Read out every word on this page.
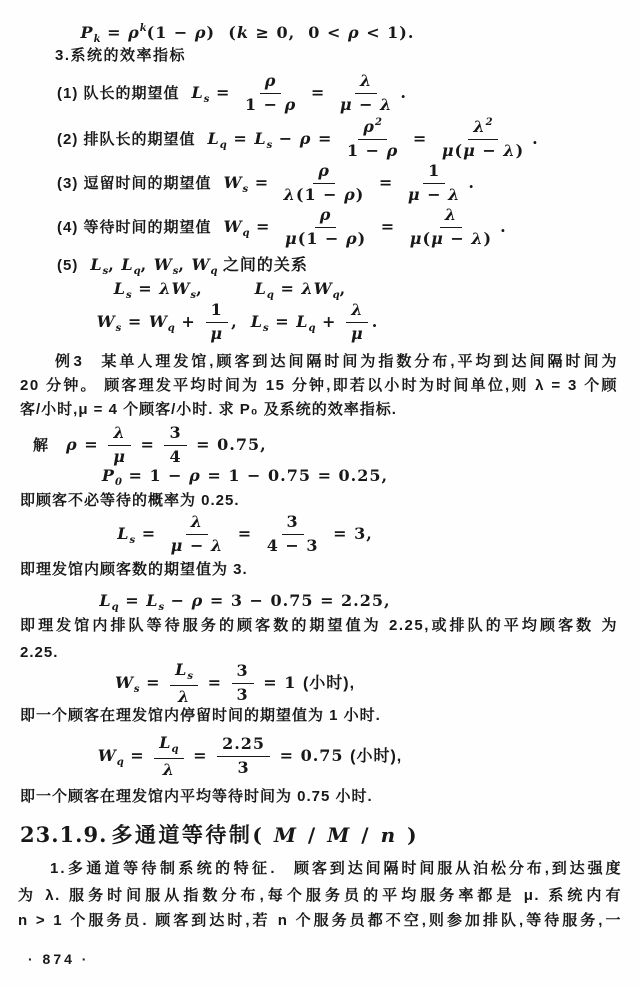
$P_k = \rho^k(1 - \rho) (k \ge 0$,  0 < ρ < 1).
3.系统的效率指标
(1) 队长的期望值 $L_s = \frac{\rho}{1 - \rho} = \frac{\lambda}{\mu - \lambda}$ .
(2) 排队长的期望值 $L_q = L_s - \rho = \frac{\rho^2}{1 - \rho} = \frac{\lambda^2}{\mu(\mu - \lambda)}$ .
(3) 逗留时间的期望值 $W_s = \frac{\rho}{\lambda(1 - \rho)} = \frac{1}{\mu - \lambda}$ .
(4) 等待时间的期望值 $W_q = \frac{\rho}{\mu(1 - \rho)} = \frac{\lambda}{\mu(\mu - \lambda)}$ .
(5) $L_s$, $L_q$, $W_s$, $W_q$ 之间的关系
$L_s = \lambda W_s$,	$L_q = \lambda W_q$,
$W_s = W_q + \frac{1}{\mu}$ ,  $L_s = L_q + \frac{\lambda}{\mu}$ .
例3 某单人理发馆,顾客到达间隔时间为指数分布,平均到达间隔时间为
20 分钟。 顾客理发平均时间为 15 分钟,即若以小时为时间单位,则 λ = 3 个顾
客/小时,μ = 4 个顾客/小时. 求 P₀ 及系统的效率指标.
解 $\rho = \frac{\lambda}{\mu} = \frac{3}{4} = 0.75$,
$P_0 = 1 - \rho = 1 - 0.75 = 0.25$,
即顾客不必等待的概率为 0.25.
$L_s = \frac{\lambda}{\mu - \lambda} = \frac{3}{4 - 3} = 3$,
即理发馆内顾客数的期望值为 3.
$L_q = L_s - \rho = 3 - 0.75 = 2.25$,
即理发馆内排队等待服务的顾客数的期望值为 2.25,或排队的平均顾客数 为
2.25.
$W_s = \frac{L_s}{\lambda} = \frac{3}{3} = 1$ (小时),
即一个顾客在理发馆内停留时间的期望值为 1 小时.
$W_q = \frac{L_q}{\lambda} = \frac{2.25}{3} = 0.75$ (小时),
即一个顾客在理发馆内平均等待时间为 0.75 小时.
23.1.9. 多通道等待制( M / M / n )
1.多通道等待制系统的特征. 顾客到达间隔时间服从泊松分布,到达强度
为 λ. 服务时间服从指数分布,每个服务员的平均服务率都是 μ. 系统内有
n > 1 个服务员. 顾客到达时,若 n 个服务员都不空,则参加排队,等待服务,一
· 874 ·
